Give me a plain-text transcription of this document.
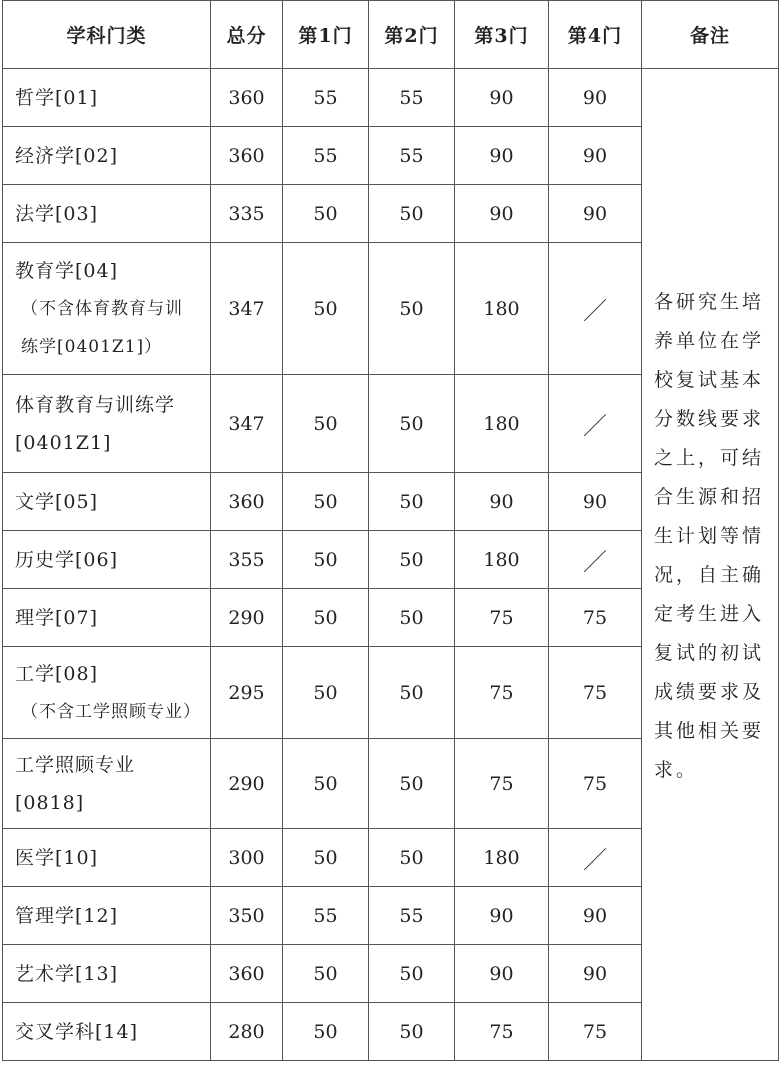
学科门类	总分	第1门	第2门	第3门	第4门	备注

哲学[01]	360	55	55	90	90	各研究生培养单位在学校复试基本分数线要求之上，可结合生源和招生计划等情况，自主确定考生进入复试的初试成绩要求及其他相关要求。

经济学[02]	360	55	55	90	90	

法学[03]	335	50	50	90	90	

教育学[04]
（不含体育教育与训
练学[0401Z1]）	347	50	50	180	／	

体育教育与训练学
[0401Z1]	347	50	50	180	／	

文学[05]	360	50	50	90	90	

历史学[06]	355	50	50	180	／	

理学[07]	290	50	50	75	75	

工学[08]
（不含工学照顾专业）	295	50	50	75	75	

工学照顾专业
[0818]	290	50	50	75	75	

医学[10]	300	50	50	180	／	

管理学[12]	350	55	55	90	90	

艺术学[13]	360	50	50	90	90	

交叉学科[14]	280	50	50	75	75	
